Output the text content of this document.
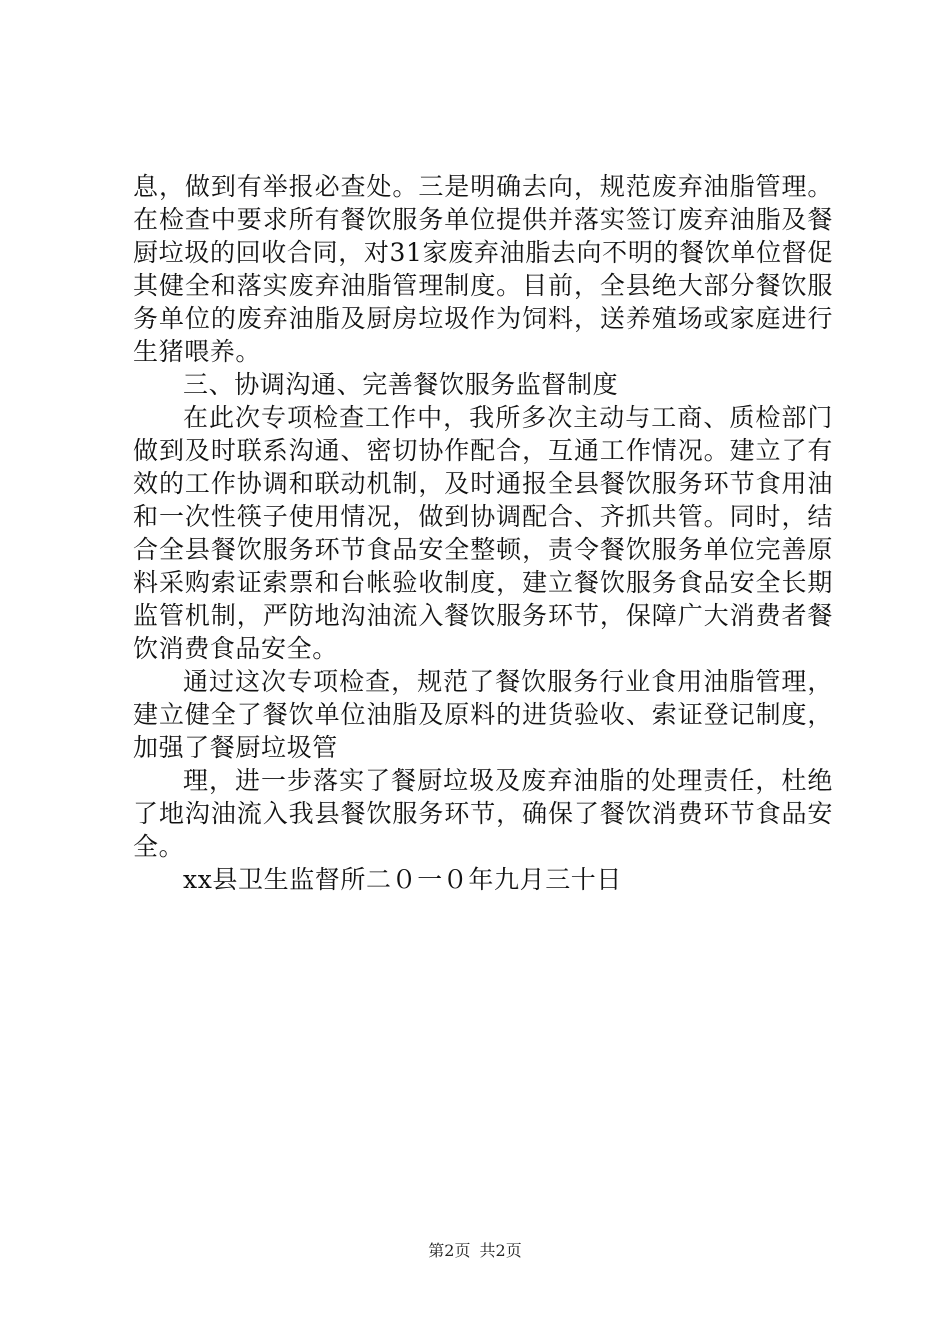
息，做到有举报必查处。三是明确去向，规范废弃油脂管理。
在检查中要求所有餐饮服务单位提供并落实签订废弃油脂及餐
厨垃圾的回收合同，对31家废弃油脂去向不明的餐饮单位督促
其健全和落实废弃油脂管理制度。目前，全县绝大部分餐饮服
务单位的废弃油脂及厨房垃圾作为饲料，送养殖场或家庭进行
生猪喂养。
三、协调沟通、完善餐饮服务监督制度
在此次专项检查工作中，我所多次主动与工商、质检部门
做到及时联系沟通、密切协作配合，互通工作情况。建立了有
效的工作协调和联动机制，及时通报全县餐饮服务环节食用油
和一次性筷子使用情况，做到协调配合、齐抓共管。同时，结
合全县餐饮服务环节食品安全整顿，责令餐饮服务单位完善原
料采购索证索票和台帐验收制度，建立餐饮服务食品安全长期
监管机制，严防地沟油流入餐饮服务环节，保障广大消费者餐
饮消费食品安全。
通过这次专项检查，规范了餐饮服务行业食用油脂管理，
建立健全了餐饮单位油脂及原料的进货验收、索证登记制度，
加强了餐厨垃圾管
理，进一步落实了餐厨垃圾及废弃油脂的处理责任，杜绝
了地沟油流入我县餐饮服务环节，确保了餐饮消费环节食品安
全。
xx县卫生监督所二０一０年九月三十日
第2页 共2页
